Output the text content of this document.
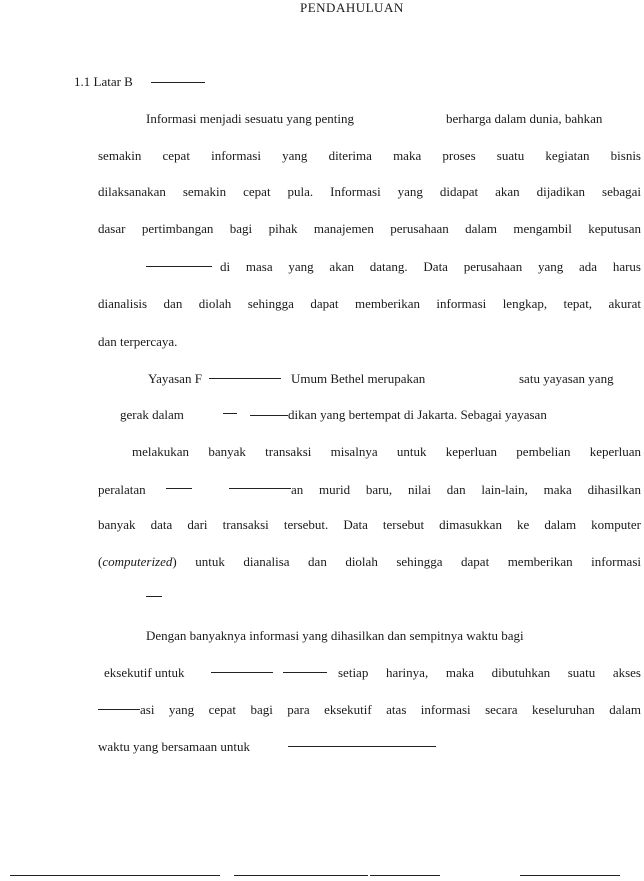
PENDAHULUAN
1.1 Latar B
Informasi menjadi sesuatu yang penting	berharga dalam dunia, bahkan
semakin cepat informasi yang diterima maka proses suatu kegiatan bisnis
dilaksanakan semakin cepat pula. Informasi yang didapat akan dijadikan sebagai
dasar pertimbangan bagi pihak manajemen perusahaan dalam mengambil keputusan
di masa yang akan datang. Data perusahaan yang ada harus
dianalisis dan diolah sehingga dapat memberikan informasi lengkap, tepat, akurat
dan terpercaya.
Yayasan F	Umum Bethel merupakan	satu yayasan yang
gerak dalam	dikan yang bertempat di Jakarta. Sebagai yayasan
melakukan banyak transaksi misalnya untuk keperluan pembelian keperluan
peralatan	an murid baru, nilai dan lain-lain, maka dihasilkan
banyak data dari transaksi tersebut. Data tersebut dimasukkan ke dalam komputer
(computerized) untuk dianalisa dan diolah sehingga dapat memberikan informasi
Dengan banyaknya informasi yang dihasilkan dan sempitnya waktu bagi
eksekutif untuk	setiap harinya, maka dibutuhkan suatu akses
asi yang cepat bagi para eksekutif atas informasi secara keseluruhan dalam
waktu yang bersamaan untuk
